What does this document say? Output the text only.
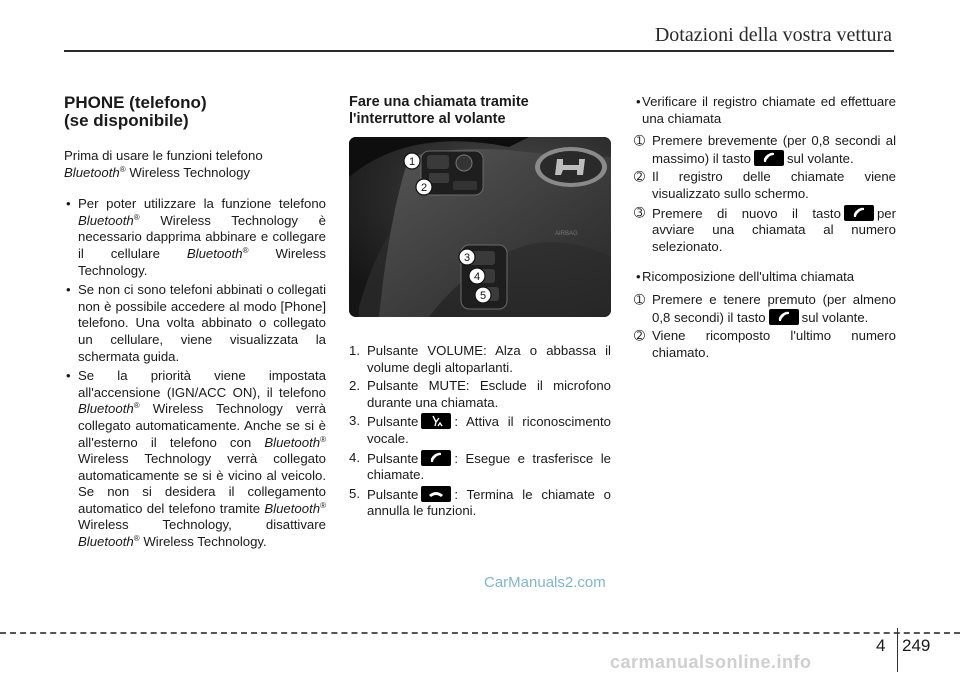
Dotazioni della vostra vettura
PHONE (telefono)
(se disponibile)

Prima di usare le funzioni telefono Bluetooth® Wireless Technology

• Per poter utilizzare la funzione telefono Bluetooth® Wireless Technology è necessario dapprima abbinare e collegare il cellulare Bluetooth® Wireless Technology.
• Se non ci sono telefoni abbinati o collegati non è possibile accedere al modo [Phone] telefono. Una volta abbinato o collegato un cellulare, viene visualizzata la schermata guida.
• Se la priorità viene impostata all'accensione (IGN/ACC ON), il telefono Bluetooth® Wireless Technology verrà collegato automaticamente. Anche se si è all'esterno il telefono con Bluetooth® Wireless Technology verrà collegato automaticamente se si è vicino al veicolo. Se non si desidera il collegamento automatico del telefono tramite Bluetooth® Wireless Technology, disattivare Bluetooth® Wireless Technology.
Fare una chiamata tramite
l'interruttore al volante
AIRBAG
1
2
3
4
5
1. Pulsante VOLUME: Alza o abbassa il volume degli altoparlanti.
2. Pulsante MUTE: Esclude il microfono durante una chiamata.
3. Pulsante	: Attiva il riconoscimento vocale.
4. Pulsante	: Esegue e trasferisce le chiamate.
5. Pulsante	: Termina le chiamate o annulla le funzioni.
• Verificare il registro chiamate ed effettuare una chiamata
➀ Premere brevemente (per 0,8 secondi al massimo) il tasto	sul volante.
➁ Il registro delle chiamate viene visualizzato sullo schermo.
➂ Premere di nuovo il tasto	per avviare una chiamata al numero selezionato.
• Ricomposizione dell'ultima chiamata
➀ Premere e tenere premuto (per almeno 0,8 secondi) il tasto	sul volante.
➁ Viene ricomposto l'ultimo numero chiamato.
CarManuals2.com
4 249
carmanualsonline.info
